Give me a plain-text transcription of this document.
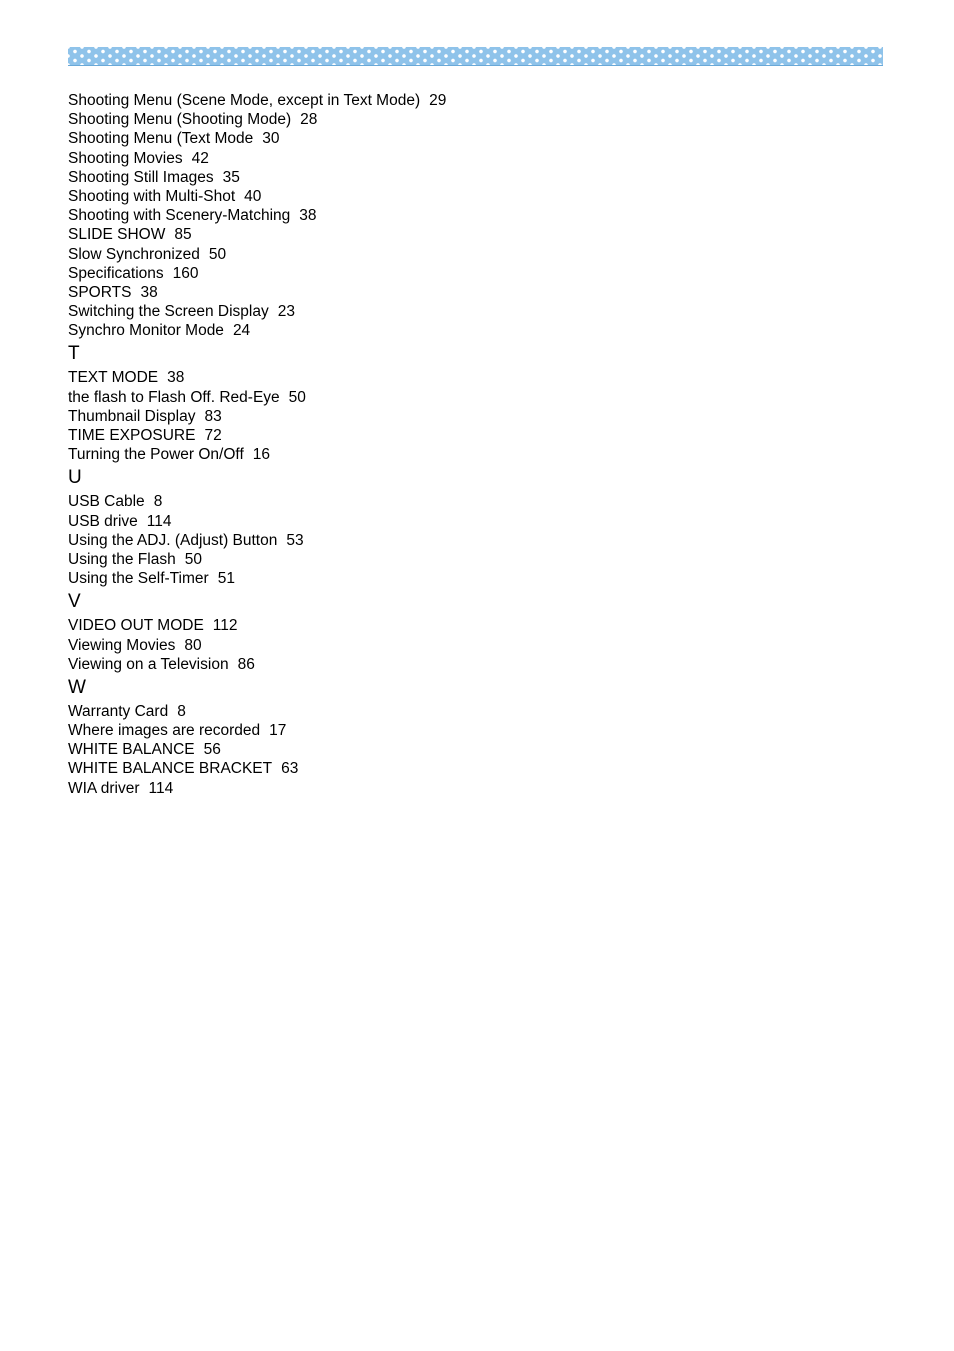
Shooting Menu (Scene Mode, except in Text Mode) 29
Shooting Menu (Shooting Mode) 28
Shooting Menu (Text Mode 30
Shooting Movies 42
Shooting Still Images 35
Shooting with Multi-Shot 40
Shooting with Scenery-Matching 38
SLIDE SHOW 85
Slow Synchronized 50
Specifications 160
SPORTS 38
Switching the Screen Display 23
Synchro Monitor Mode 24
T
TEXT MODE 38
the flash to Flash Off. Red-Eye 50
Thumbnail Display 83
TIME EXPOSURE 72
Turning the Power On/Off 16
U
USB Cable 8
USB drive 114
Using the ADJ. (Adjust) Button 53
Using the Flash 50
Using the Self-Timer 51
V
VIDEO OUT MODE 112
Viewing Movies 80
Viewing on a Television 86
W
Warranty Card 8
Where images are recorded 17
WHITE BALANCE 56
WHITE BALANCE BRACKET 63
WIA driver 114
